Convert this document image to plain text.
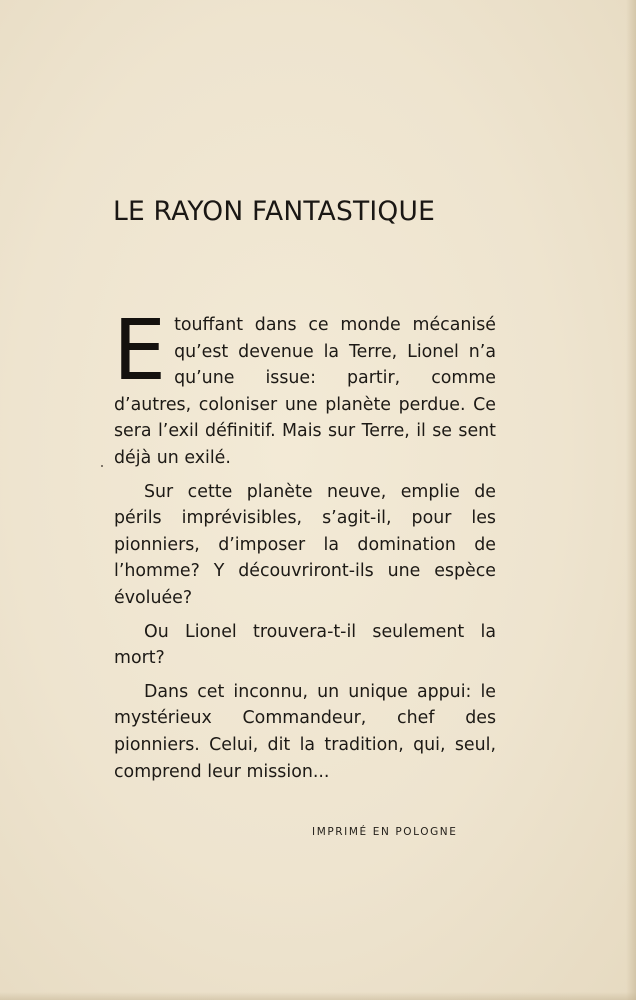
LE RAYON FANTASTIQUE

Etouffant dans ce monde mécanisé qu’est devenue la Terre, Lionel n’a qu’une issue: partir, comme d’autres, coloniser une planète perdue. Ce sera l’exil définitif. Mais sur Terre, il se sent déjà un exilé.

Sur cette planète neuve, emplie de périls imprévisibles, s’agit-il, pour les pionniers, d’imposer la domination de l’homme? Y découvriront-ils une espèce évoluée?

Ou Lionel trouvera-t-il seulement la mort?

Dans cet inconnu, un unique appui: le mystérieux Commandeur, chef des pionniers. Celui, dit la tradition, qui, seul, comprend leur mission...

IMPRIMÉ EN POLOGNE
